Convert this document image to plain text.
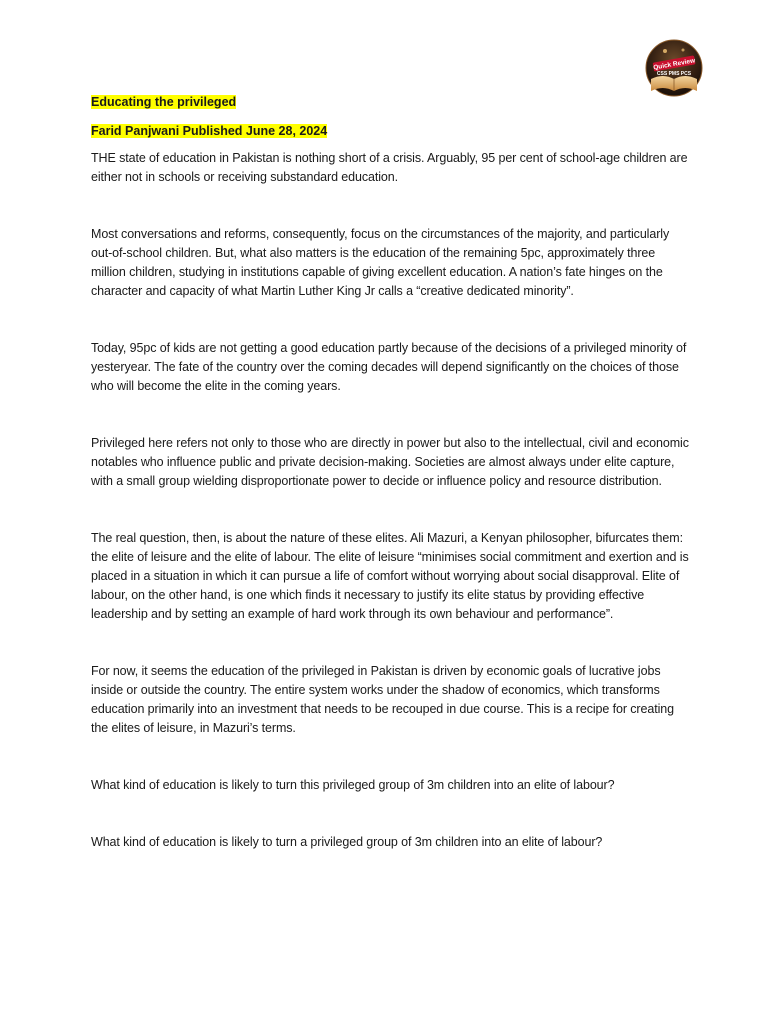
Quick Review
CSS PMS PCS
Educating the privileged
Farid Panjwani Published June 28, 2024

THE state of education in Pakistan is nothing short of a crisis. Arguably, 95 per cent of school-age children are either not in schools or receiving substandard education.

Most conversations and reforms, consequently, focus on the circumstances of the majority, and particularly out-of-school children. But, what also matters is the education of the remaining 5pc, approximately three million children, studying in institutions capable of giving excellent education. A nation’s fate hinges on the character and capacity of what Martin Luther King Jr calls a “creative dedicated minority”.

Today, 95pc of kids are not getting a good education partly because of the decisions of a privileged minority of yesteryear. The fate of the country over the coming decades will depend significantly on the choices of those who will become the elite in the coming years.

Privileged here refers not only to those who are directly in power but also to the intellectual, civil and economic notables who influence public and private decision-making. Societies are almost always under elite capture, with a small group wielding disproportionate power to decide or influence policy and resource distribution.

The real question, then, is about the nature of these elites. Ali Mazuri, a Kenyan philosopher, bifurcates them: the elite of leisure and the elite of labour. The elite of leisure “minimises social commitment and exertion and is placed in a situation in which it can pursue a life of comfort without worrying about social disapproval. Elite of labour, on the other hand, is one which finds it necessary to justify its elite status by providing effective leadership and by setting an example of hard work through its own behaviour and performance”.

For now, it seems the education of the privileged in Pakistan is driven by economic goals of lucrative jobs inside or outside the country. The entire system works under the shadow of economics, which transforms education primarily into an investment that needs to be recouped in due course. This is a recipe for creating the elites of leisure, in Mazuri’s terms.

What kind of education is likely to turn this privileged group of 3m children into an elite of labour?

What kind of education is likely to turn a privileged group of 3m children into an elite of labour?
